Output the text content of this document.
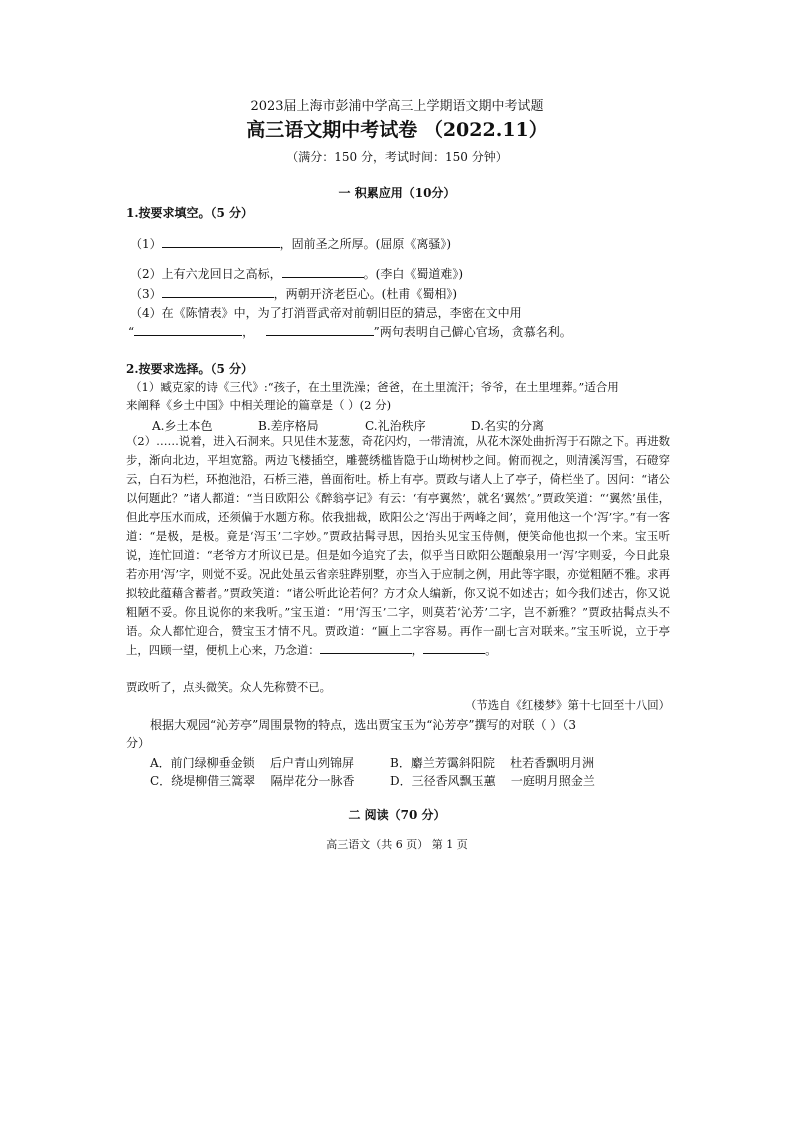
2023届上海市彭浦中学高三上学期语文期中考试题
高三语文期中考试卷 （2022.11）
（满分：150 分，考试时间：150 分钟）
一 积累应用（10分）
1.按要求填空。（5 分）
（1）	，固前圣之所厚。(屈原《离骚》)
（2）上有六龙回日之高标，	。(李白《蜀道难》)
（3）	，两朝开济老臣心。(杜甫《蜀相》)
（4）在《陈情表》中，为了打消晋武帝对前朝旧臣的猜忌，李密在文中用
“	，	”两句表明自己僻心官场，贪慕名利。
2.按要求选择。（5 分）
（1）臧克家的诗《三代》:“孩子，在土里洗澡；爸爸，在土里流汗；爷爷，在土里埋葬。”适合用
来阐释《乡土中国》中相关理论的篇章是（ ）(2 分)
A.乡土本色	B.差序格局	C.礼治秩序	D.名实的分离
（2）……说着，进入石洞来。只见佳木茏葱，奇花闪灼，一带清流，从花木深处曲折泻于石隙之下。再进数步，渐向北边，平坦宽豁。两边飞楼插空，雕甍绣槛皆隐于山坳树杪之间。俯而视之，则清溪泻雪，石磴穿云，白石为栏，环抱池沿，石桥三港，兽面衔吐。桥上有亭。贾政与诸人上了亭子，倚栏坐了。因问：“诸公以何题此？”诸人都道：“当日欧阳公《醉翁亭记》有云：‘有亭翼然’，就名‘翼然’。”贾政笑道：“‘翼然’虽佳，但此亭压水而成，还须偏于水题方称。依我拙裁，欧阳公之‘泻出于两峰之间’，竟用他这一个‘泻’字。”有一客道：“是极，是极。竟是‘泻玉’二字妙。”贾政拈髯寻思，因抬头见宝玉侍侧，便笑命他也拟一个来。宝玉听说，连忙回道：“老爷方才所议已是。但是如今追究了去，似乎当日欧阳公题酿泉用一‘泻’字则妥，今日此泉若亦用‘泻’字，则觉不妥。况此处虽云省亲驻跸别墅，亦当入于应制之例，用此等字眼，亦觉粗陋不雅。求再拟较此蕴藉含蓄者。”贾政笑道：“诸公听此论若何？方才众人编新，你又说不如述古；如今我们述古，你又说粗陋不妥。你且说你的来我听。”宝玉道：“用‘泻玉’二字，则莫若‘沁芳’二字，岂不新雅？”贾政拈髯点头不语。众人都忙迎合，赞宝玉才情不凡。贾政道：“匾上二字容易。再作一副七言对联来。”宝玉听说，立于亭上，四顾一望，便机上心来，乃念道：	，	。
贾政听了，点头微笑。众人先称赞不已。
（节选自《红楼梦》第十七回至十八回）
根据大观园“沁芳亭”周围景物的特点，选出贾宝玉为“沁芳亭”撰写的对联（ ）（3
分）
A．前门绿柳垂金锁 后户青山列锦屏	B．麝兰芳霭斜阳院 杜若香飘明月洲
C．绕堤柳借三篙翠 隔岸花分一脉香	D．三径香风飘玉蕙 一庭明月照金兰
二 阅读（70 分）
高三语文（共 6 页） 第 1 页
